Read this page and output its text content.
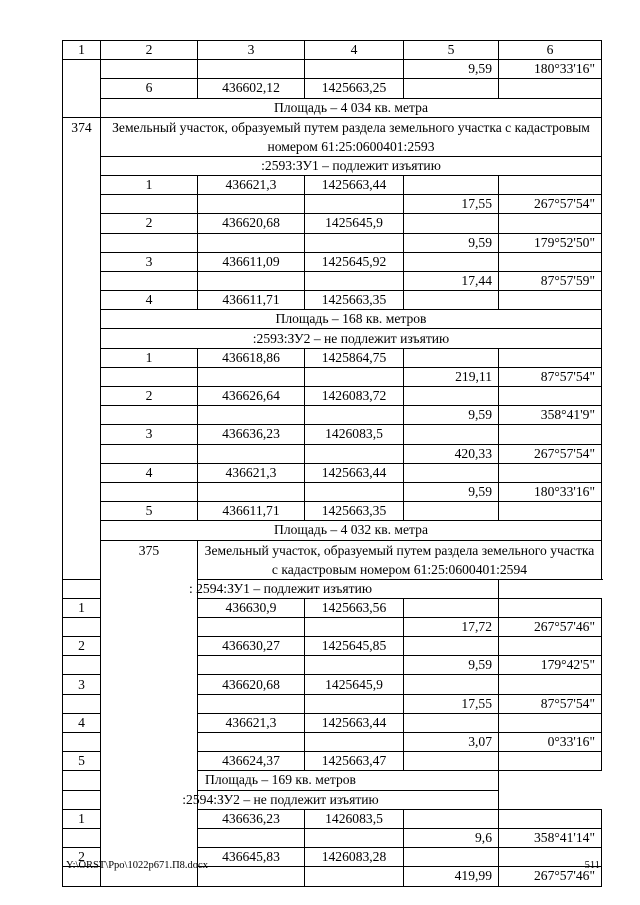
1	2	3	4	5	6
				9,59	180°33'16"
	6	436602,12	1425663,25		
	Площадь – 4 034 кв. метра				
374	Земельный участок, образуемый путем раздела земельного участка с кадастровым номером 61:25:0600401:2593				
	:2593:ЗУ1 – подлежит изъятию				
	1	436621,3	1425663,44		
				17,55	267°57'54"
	2	436620,68	1425645,9		
				9,59	179°52'50"
	3	436611,09	1425645,92		
				17,44	87°57'59"
	4	436611,71	1425663,35		
	Площадь – 168 кв. метров				
	:2593:ЗУ2 – не подлежит изъятию				
	1	436618,86	1425864,75		
				219,11	87°57'54"
	2	436626,64	1426083,72		
				9,59	358°41'9"
	3	436636,23	1426083,5		
				420,33	267°57'54"
	4	436621,3	1425663,44		
				9,59	180°33'16"
	5	436611,71	1425663,35		
	Площадь – 4 032 кв. метра				
	375	Земельный участок, образуемый путем раздела земельного участка с кадастровым номером 61:25:0600401:2594			
: 2594:ЗУ1 – подлежит изъятию					
1		436630,9	1425663,56		
				17,72	267°57'46"
2		436630,27	1425645,85		
				9,59	179°42'5"
3		436620,68	1425645,9		
				17,55	87°57'54"
4		436621,3	1425663,44		
				3,07	0°33'16"
5		436624,37	1425663,47		
Площадь – 169 кв. метров					
:2594:ЗУ2 – не подлежит изъятию					
1		436636,23	1426083,5		
				9,6	358°41'14"
2		436645,83	1426083,28		
				419,99	267°57'46"
Y:\ORST\Ppo\1022p671.П8.docx	511
